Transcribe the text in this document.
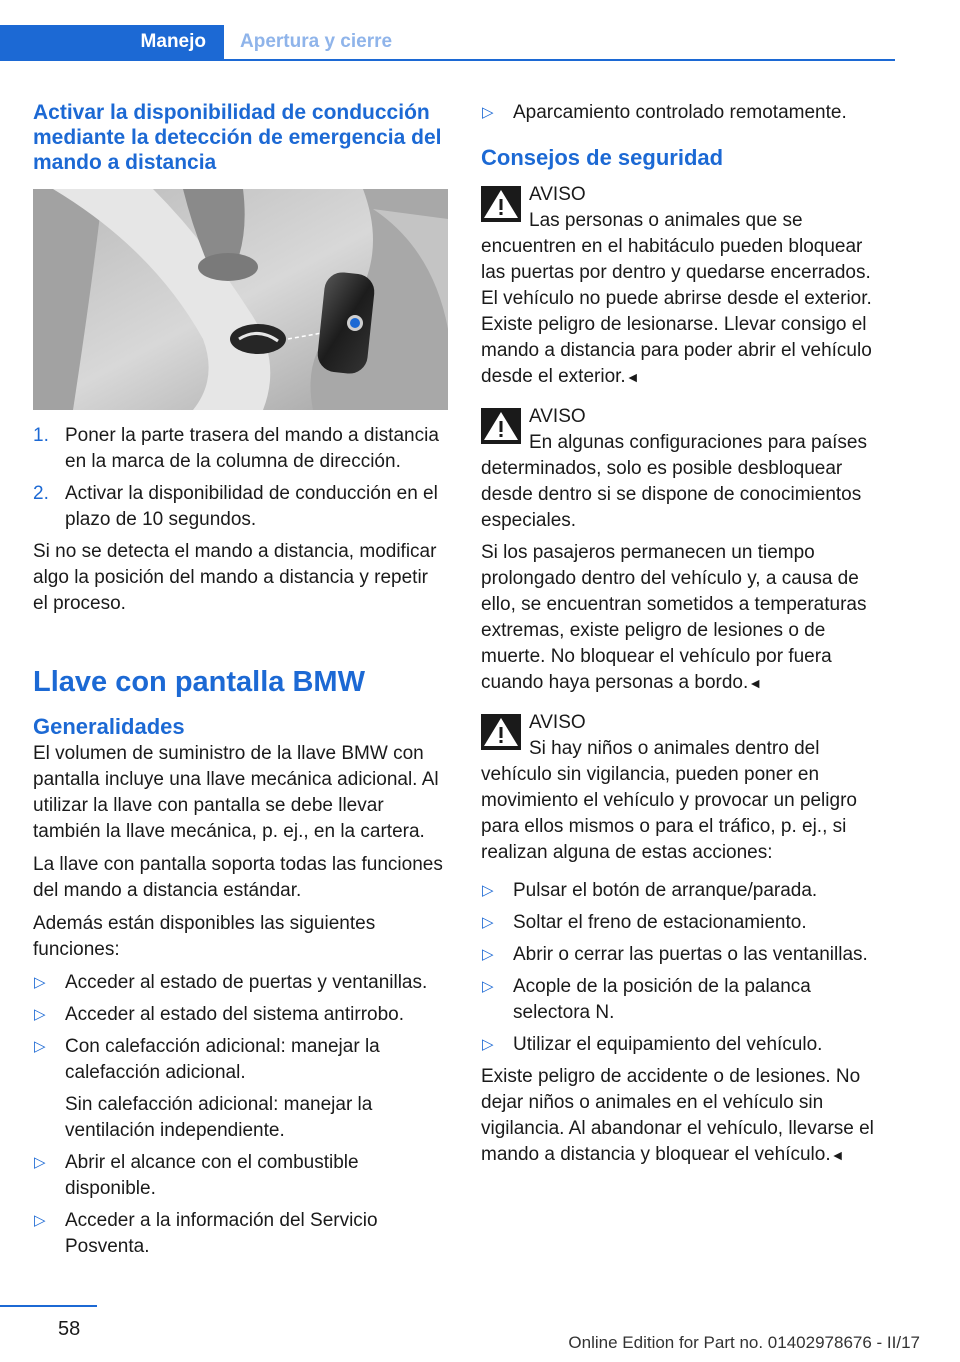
Manejo Apertura y cierre
Activar la disponibilidad de conducción mediante la detección de emergencia del mando a distancia
1. Poner la parte trasera del mando a distancia en la marca de la columna de dirección.
2. Activar la disponibilidad de conducción en el plazo de 10 segundos.

Si no se detecta el mando a distancia, modificar algo la posición del mando a distancia y repetir el proceso.

Llave con pantalla BMW
Generalidades

El volumen de suministro de la llave BMW con pantalla incluye una llave mecánica adicional. Al utilizar la llave con pantalla se debe llevar también la llave mecánica, p. ej., en la cartera.

La llave con pantalla soporta todas las funciones del mando a distancia estándar.

Además están disponibles las siguientes funciones:

▷ Acceder al estado de puertas y ventanillas.
▷ Acceder al estado del sistema antirrobo.
▷ Con calefacción adicional: manejar la calefacción adicional.
Sin calefacción adicional: manejar la ventilación independiente.
▷ Abrir el alcance con el combustible disponible.
▷ Acceder a la información del Servicio Posventa.
▷ Aparcamiento controlado remotamente.
Consejos de seguridad
AVISO
Las personas o animales que se encuentren en el habitáculo pueden bloquear las puertas por dentro y quedarse encerrados. El vehículo no puede abrirse desde el exterior. Existe peligro de lesionarse. Llevar consigo el mando a distancia para poder abrir el vehículo desde el exterior.◄
AVISO
En algunas configuraciones para países determinados, solo es posible desbloquear desde dentro si se dispone de conocimientos especiales.

Si los pasajeros permanecen un tiempo prolongado dentro del vehículo y, a causa de ello, se encuentran sometidos a temperaturas extremas, existe peligro de lesiones o de muerte. No bloquear el vehículo por fuera cuando haya personas a bordo.◄

AVISO
Si hay niños o animales dentro del vehículo sin vigilancia, pueden poner en movimiento el vehículo y provocar un peligro para ellos mismos o para el tráfico, p. ej., si realizan alguna de estas acciones:
▷ Pulsar el botón de arranque/parada.
▷ Soltar el freno de estacionamiento.
▷ Abrir o cerrar las puertas o las ventanillas.
▷ Acople de la posición de la palanca selectora N.
▷ Utilizar el equipamiento del vehículo.

Existe peligro de accidente o de lesiones. No dejar niños o animales en el vehículo sin vigilancia. Al abandonar el vehículo, llevarse el mando a distancia y bloquear el vehículo.◄

58
Online Edition for Part no. 01402978676 - II/17
